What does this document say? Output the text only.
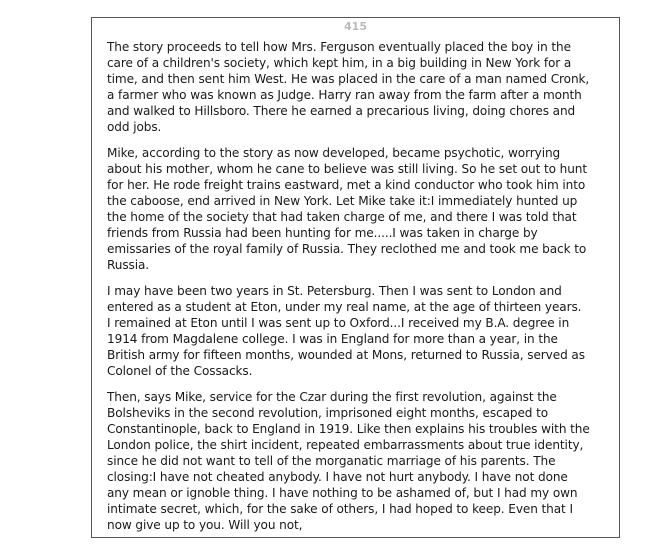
415

The story proceeds to tell how Mrs. Ferguson eventually placed the boy in the
care of a children's society, which kept him, in a big building in New York for a
time, and then sent him West. He was placed in the care of a man named Cronk,
a farmer who was known as Judge. Harry ran away from the farm after a month
and walked to Hillsboro. There he earned a precarious living, doing chores and
odd jobs.

Mike, according to the story as now developed, became psychotic, worrying
about his mother, whom he cane to believe was still living. So he set out to hunt
for her. He rode freight trains eastward, met a kind conductor who took him into
the caboose, end arrived in New York. Let Mike take it:I immediately hunted up
the home of the society that had taken charge of me, and there I was told that
friends from Russia had been hunting for me.....I was taken in charge by
emissaries of the royal family of Russia. They reclothed me and took me back to
Russia.

I may have been two years in St. Petersburg. Then I was sent to London and
entered as a student at Eton, under my real name, at the age of thirteen years.
I remained at Eton until I was sent up to Oxford...I received my B.A. degree in
1914 from Magdalene college. I was in England for more than a year, in the
British army for fifteen months, wounded at Mons, returned to Russia, served as
Colonel of the Cossacks.

Then, says Mike, service for the Czar during the first revolution, against the
Bolsheviks in the second revolution, imprisoned eight months, escaped to
Constantinople, back to England in 1919. Like then explains his troubles with the
London police, the shirt incident, repeated embarrassments about true identity,
since he did not want to tell of the morganatic marriage of his parents. The
closing:I have not cheated anybody. I have not hurt anybody. I have not done
any mean or ignoble thing. I have nothing to be ashamed of, but I had my own
intimate secret, which, for the sake of others, I had hoped to keep. Even that I
now give up to you. Will you not,
